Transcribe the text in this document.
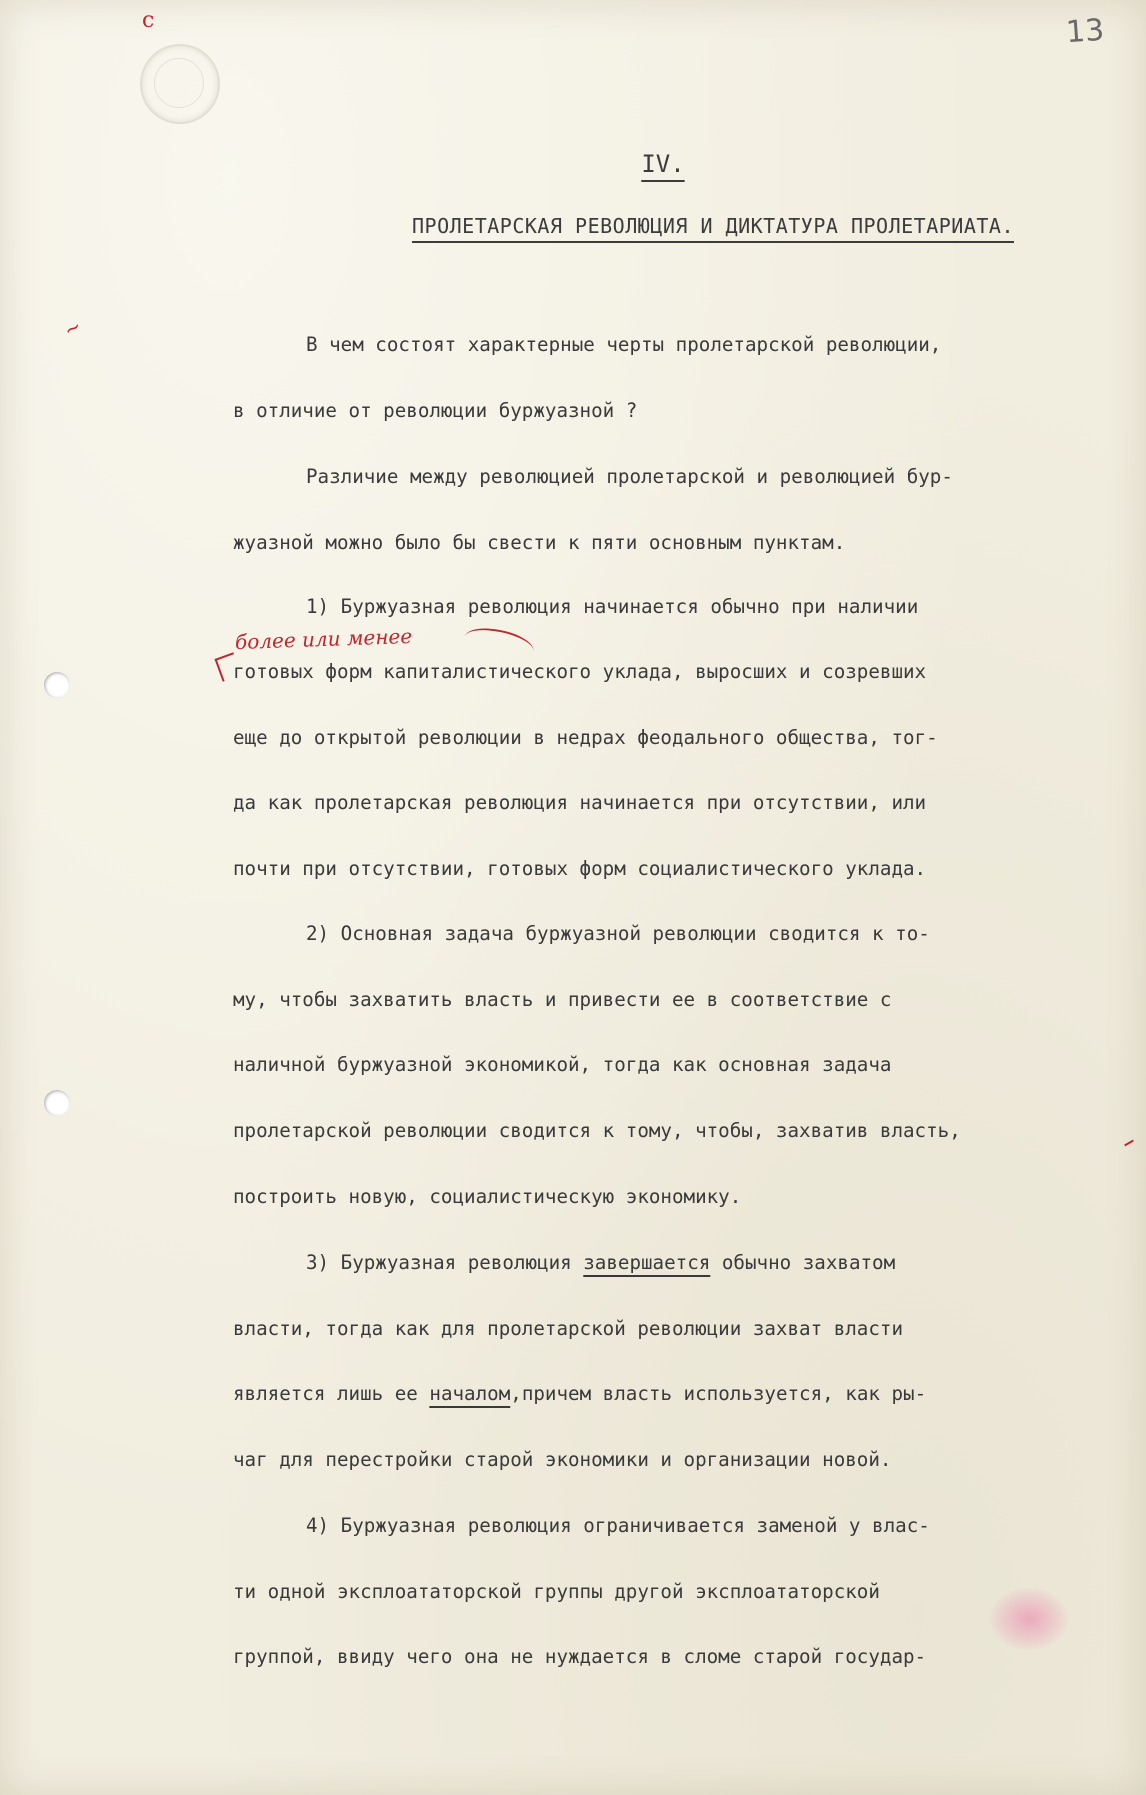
13
c
~
IV.
ПРОЛЕТАРСКАЯ РЕВОЛЮЦИЯ И ДИКТАТУРА ПРОЛЕТАРИАТА.
В чем состоят характерные черты пролетарской революции,
в отличие от революции буржуазной ?
Различие между революцией пролетарской и революцией бур-
жуазной можно было бы свести к пяти основным пунктам.
1) Буржуазная революция начинается обычно при наличии
более или менее
готовых форм капиталистического уклада, выросших и созревших
еще до открытой революции в недрах феодального общества, тог-
да как пролетарская революция начинается при отсутствии, или
почти при отсутствии, готовых форм социалистического уклада.
2) Основная задача буржуазной революции сводится к то-
му, чтобы захватить власть и привести ее в соответствие с
наличной буржуазной экономикой, тогда как основная задача
пролетарской революции сводится к тому, чтобы, захватив власть,
построить новую, социалистическую экономику.
3) Буржуазная революция завершается обычно захватом
власти, тогда как для пролетарской революции захват власти
является лишь ее началом,причем власть используется, как ры-
чаг для перестройки старой экономики и организации новой.
4) Буржуазная революция ограничивается заменой у влас-
ти одной эксплоататорской группы другой эксплоататорской
группой, ввиду чего она не нуждается в сломе старой государ-
